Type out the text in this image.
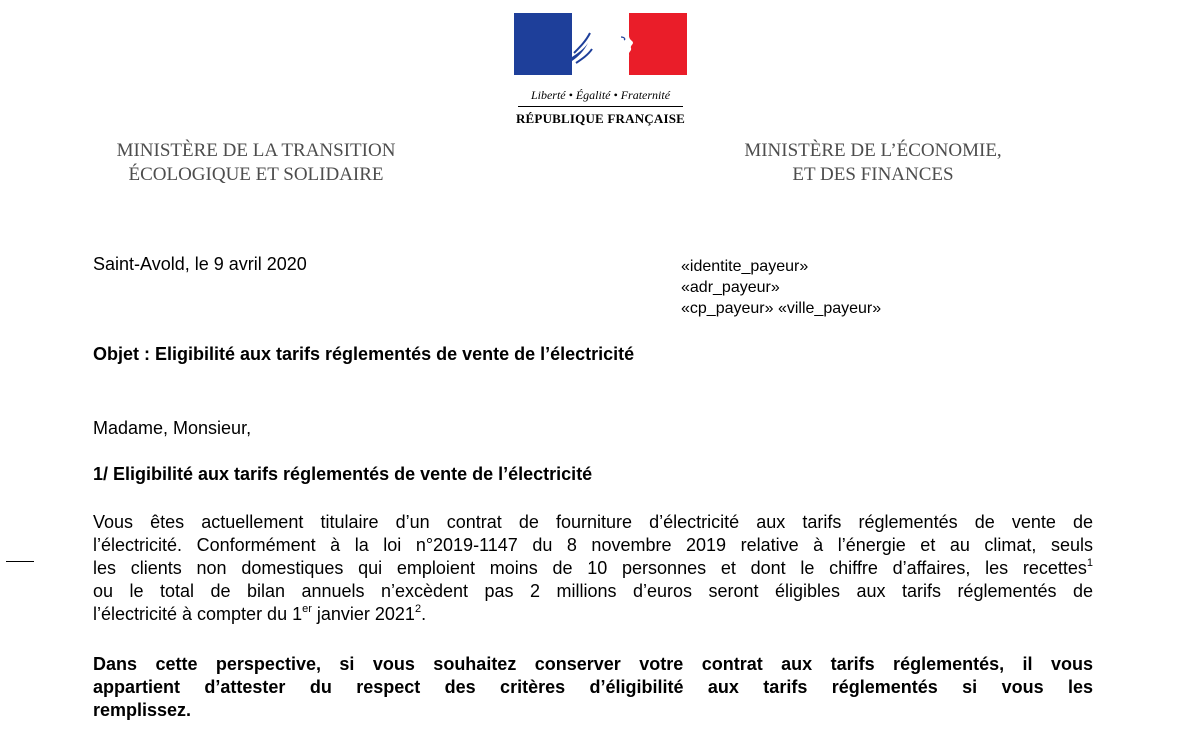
Liberté • Égalité • Fraternité
RÉPUBLIQUE FRANÇAISE
MINISTÈRE DE LA TRANSITION
ÉCOLOGIQUE ET SOLIDAIRE
MINISTÈRE DE L’ÉCONOMIE,
ET DES FINANCES
Saint-Avold, le 9 avril 2020	«identite_payeur»
«adr_payeur»
«cp_payeur» «ville_payeur»
Objet : Eligibilité aux tarifs réglementés de vente de l’électricité
Madame, Monsieur,
1/ Eligibilité aux tarifs réglementés de vente de l’électricité
Vous êtes actuellement titulaire d’un contrat de fourniture d’électricité aux tarifs réglementés de vente de
l’électricité. Conformément à la loi n°2019-1147 du 8 novembre 2019 relative à l’énergie et au climat, seuls
les clients non domestiques qui emploient moins de 10 personnes et dont le chiffre d’affaires, les recettes$^1$
ou le total de bilan annuels n’excèdent pas 2 millions d’euros seront éligibles aux tarifs réglementés de
l’électricité à compter du 1er janvier 2021$^2$.
Dans cette perspective, si vous souhaitez conserver votre contrat aux tarifs réglementés, il vous
appartient d’attester du respect des critères d’éligibilité aux tarifs réglementés si vous les
remplissez.
